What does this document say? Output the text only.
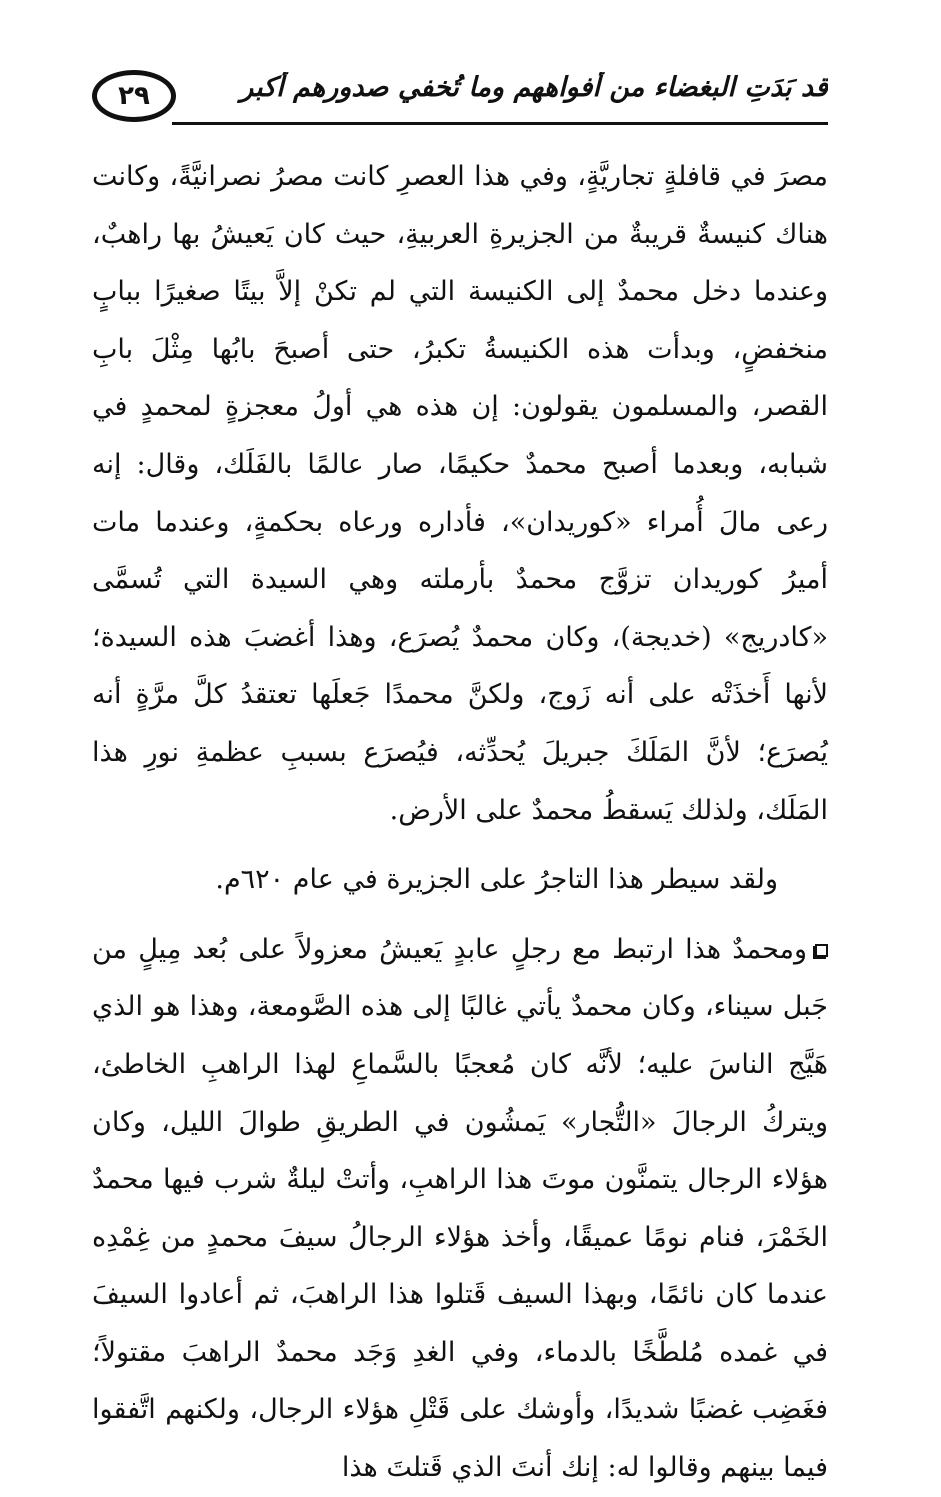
٢٩	قد بَدَتِ البغضاء من أفواههم وما تُخفي صدورهم أكبر

مصرَ في قافلةٍ تجاريَّةٍ، وفي هذا العصرِ كانت مصرُ نصرانيَّةً، وكانت هناك كنيسةٌ قريبةٌ من الجزيرةِ العربيةِ، حيث كان يَعيشُ بها راهبٌ، وعندما دخل محمدٌ إلى الكنيسة التي لم تكنْ إلاَّ بيتًا صغيرًا ببابٍ منخفضٍ، وبدأت هذه الكنيسةُ تكبرُ، حتى أصبحَ بابُها مِثْلَ بابِ القصر، والمسلمون يقولون: إن هذه هي أولُ معجزةٍ لمحمدٍ في شبابه، وبعدما أصبح محمدٌ حكيمًا، صار عالمًا بالفَلَك، وقال: إنه رعى مالَ أُمراء «كوريدان»، فأداره ورعاه بحكمةٍ، وعندما مات أميرُ كوريدان تزوَّج محمدٌ بأرملته وهي السيدة التي تُسمَّى «كادريج» (خديجة)، وكان محمدٌ يُصرَع، وهذا أغضبَ هذه السيدة؛ لأنها أَخذَتْه على أنه زَوج، ولكنَّ محمدًا جَعلَها تعتقدُ كلَّ مرَّةٍ أنه يُصرَع؛ لأنَّ المَلَكَ جبريلَ يُحدِّثه، فيُصرَع بسببِ عظمةِ نورِ هذا المَلَك، ولذلك يَسقطُ محمدٌ على الأرض.

ولقد سيطر هذا التاجرُ على الجزيرة في عام ٦٢٠م.

ومحمدٌ هذا ارتبط مع رجلٍ عابدٍ يَعيشُ معزولاً على بُعد مِيلٍ من جَبل سيناء، وكان محمدٌ يأتي غالبًا إلى هذه الصَّومعة، وهذا هو الذي هَيَّج الناسَ عليه؛ لأنَّه كان مُعجبًا بالسَّماعِ لهذا الراهبِ الخاطئ، ويتركُ الرجالَ «التُّجار» يَمشُون في الطريقِ طوالَ الليل، وكان هؤلاء الرجال يتمنَّون موتَ هذا الراهبِ، وأتتْ ليلةٌ شرب فيها محمدٌ الخَمْرَ، فنام نومًا عميقًا، وأخذ هؤلاء الرجالُ سيفَ محمدٍ من غِمْدِه عندما كان نائمًا، وبهذا السيف قَتلوا هذا الراهبَ، ثم أعادوا السيفَ في غمده مُلطَّخًا بالدماء، وفي الغدِ وَجَد محمدٌ الراهبَ مقتولاً؛ فغَضِب غضبًا شديدًا، وأوشك على قَتْلِ هؤلاء الرجال، ولكنهم اتَّفقوا فيما بينهم وقالوا له: إنك أنتَ الذي قَتلتَ هذا
